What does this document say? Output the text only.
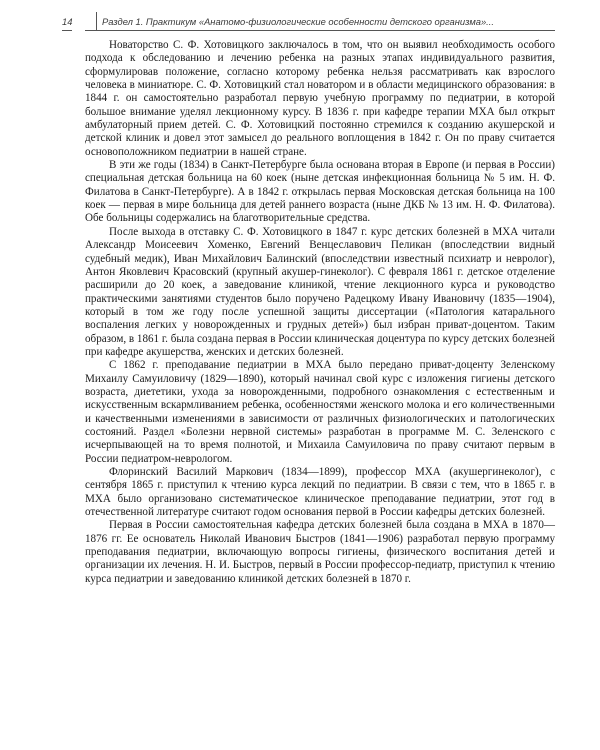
14	Раздел 1. Практикум «Анатомо-физиологические особенности детского организма»...

Новаторство С. Ф. Хотовицкого заключалось в том, что он выявил необходимость особого подхода к обследованию и лечению ребенка на разных этапах индивидуального развития, сформулировав положение, согласно которому ребенка нельзя рассматривать как взрослого человека в миниатюре. С. Ф. Хотовицкий стал новатором и в области медицинского образования: в 1844 г. он самостоятельно разработал первую учебную программу по педиатрии, в которой большое внимание уделял лекционному курсу. В 1836 г. при кафедре терапии МХА был открыт амбулаторный прием детей. С. Ф. Хотовицкий постоянно стремился к созданию акушерской и детской клиник и довел этот замысел до реального воплощения в 1842 г. Он по праву считается основоположником педиатрии в нашей стране.

В эти же годы (1834) в Санкт-Петербурге была основана вторая в Европе (и первая в России) специальная детская больница на 60 коек (ныне детская инфекционная больница № 5 им. Н. Ф. Филатова в Санкт-Петербурге). А в 1842 г. открылась первая Московская детская больница на 100 коек — первая в мире больница для детей раннего возраста (ныне ДКБ № 13 им. Н. Ф. Филатова). Обе больницы содержались на благотворительные средства.

После выхода в отставку С. Ф. Хотовицкого в 1847 г. курс детских болезней в МХА читали Александр Моисеевич Хоменко, Евгений Венцеславович Пеликан (впоследствии видный судебный медик), Иван Михайлович Балинский (впоследствии известный психиатр и невролог), Антон Яковлевич Красовский (крупный акушер-гинеколог). С февраля 1861 г. детское отделение расширили до 20 коек, а заведование клиникой, чтение лекционного курса и руководство практическими занятиями студентов было поручено Радецкому Ивану Ивановичу (1835—1904), который в том же году после успешной защиты диссертации («Патология катарального воспаления легких у новорожденных и грудных детей») был избран приват-доцентом. Таким образом, в 1861 г. была создана первая в России клиническая доцентура по курсу детских болезней при кафедре акушерства, женских и детских болезней.

С 1862 г. преподавание педиатрии в МХА было передано приват-доценту Зеленскому Михаилу Самуиловичу (1829—1890), который начинал свой курс с изложения гигиены детского возраста, диететики, ухода за новорожденными, подробного ознакомления с естественным и искусственным вскармливанием ребенка, особенностями женского молока и его количественными и качественными изменениями в зависимости от различных физиологических и патологических состояний. Раздел «Болезни нервной системы» разработан в программе М. С. Зеленского с исчерпывающей на то время полнотой, и Михаила Самуиловича по праву считают первым в России педиатром-неврологом.

Флоринский Василий Маркович (1834—1899), профессор МХА (акушергинеколог), с сентября 1865 г. приступил к чтению курса лекций по педиатрии. В связи с тем, что в 1865 г. в МХА было организовано систематическое клиническое преподавание педиатрии, этот год в отечественной литературе считают годом основания первой в России кафедры детских болезней.

Первая в России самостоятельная кафедра детских болезней была создана в МХА в 1870—1876 гг. Ее основатель Николай Иванович Быстров (1841—1906) разработал первую программу преподавания педиатрии, включающую вопросы гигиены, физического воспитания детей и организации их лечения. Н. И. Быстров, первый в России профессор-педиатр, приступил к чтению курса педиатрии и заведованию клиникой детских болезней в 1870 г.
